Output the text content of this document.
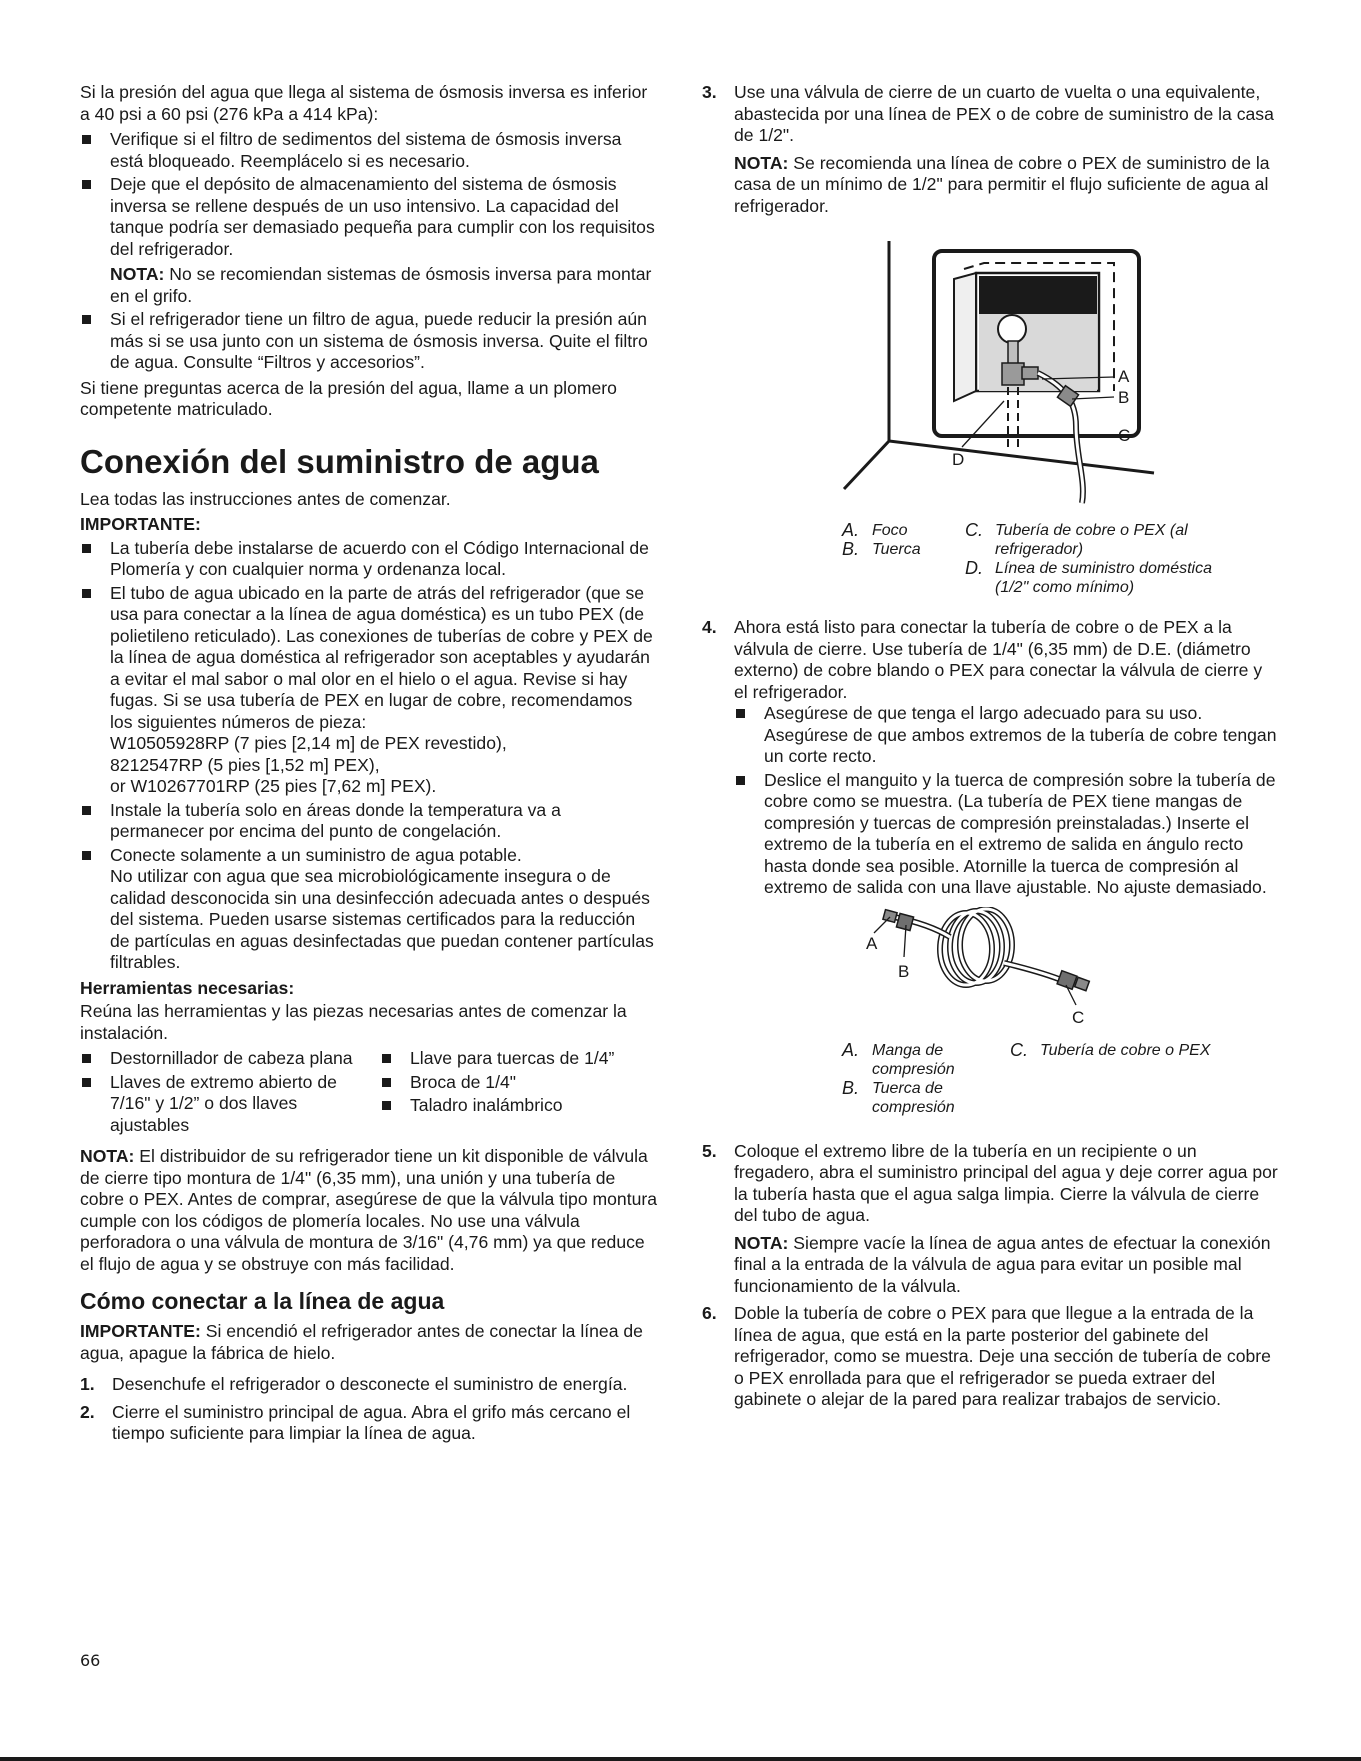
Si la presión del agua que llega al sistema de ósmosis inversa es inferior a 40 psi a 60 psi (276 kPa a 414 kPa):

Verifique si el filtro de sedimentos del sistema de ósmosis inversa está bloqueado. Reemplácelo si es necesario.
Deje que el depósito de almacenamiento del sistema de ósmosis inversa se rellene después de un uso intensivo. La capacidad del tanque podría ser demasiado pequeña para cumplir con los requisitos del refrigerador.

NOTA: No se recomiendan sistemas de ósmosis inversa para montar en el grifo.

Si el refrigerador tiene un filtro de agua, puede reducir la presión aún más si se usa junto con un sistema de ósmosis inversa. Quite el filtro de agua. Consulte “Filtros y accesorios”.

Si tiene preguntas acerca de la presión del agua, llame a un plomero competente matriculado.

Conexión del suministro de agua

Lea todas las instrucciones antes de comenzar.

IMPORTANTE:

La tubería debe instalarse de acuerdo con el Código Internacional de Plomería y con cualquier norma y ordenanza local.
El tubo de agua ubicado en la parte de atrás del refrigerador (que se usa para conectar a la línea de agua doméstica) es un tubo PEX (de polietileno reticulado). Las conexiones de tuberías de cobre y PEX de la línea de agua doméstica al refrigerador son aceptables y ayudarán a evitar el mal sabor o mal olor en el hielo o el agua. Revise si hay fugas. Si se usa tubería de PEX en lugar de cobre, recomendamos los siguientes números de pieza:
W10505928RP (7 pies [2,14 m] de PEX revestido),
8212547RP (5 pies [1,52 m] PEX),
or W10267701RP (25 pies [7,62 m] PEX).
Instale la tubería solo en áreas donde la temperatura va a permanecer por encima del punto de congelación.
Conecte solamente a un suministro de agua potable.
No utilizar con agua que sea microbiológicamente insegura o de calidad desconocida sin una desinfección adecuada antes o después del sistema. Pueden usarse sistemas certificados para la reducción de partículas en aguas desinfectadas que puedan contener partículas filtrables.

Herramientas necesarias:

Reúna las herramientas y las piezas necesarias antes de comenzar la instalación.

Destornillador de cabeza plana
Llaves de extremo abierto de 7/16" y 1/2” o dos llaves ajustables
Llave para tuercas de 1/4”
Broca de 1/4"
Taladro inalámbrico

NOTA: El distribuidor de su refrigerador tiene un kit disponible de válvula de cierre tipo montura de 1/4" (6,35 mm), una unión y una tubería de cobre o PEX. Antes de comprar, asegúrese de que la válvula tipo montura cumple con los códigos de plomería locales. No use una válvula perforadora o una válvula de montura de 3/16" (4,76 mm) ya que reduce el flujo de agua y se obstruye con más facilidad.

Cómo conectar a la línea de agua

IMPORTANTE: Si encendió el refrigerador antes de conectar la línea de agua, apague la fábrica de hielo.

1. Desenchufe el refrigerador o desconecte el suministro de energía.
2. Cierre el suministro principal de agua. Abra el grifo más cercano el tiempo suficiente para limpiar la línea de agua.
3. Use una válvula de cierre de un cuarto de vuelta o una equivalente, abastecida por una línea de PEX o de cobre de suministro de la casa de 1/2".

NOTA: Se recomienda una línea de cobre o PEX de suministro de la casa de un mínimo de 1/2" para permitir el flujo suficiente de agua al refrigerador.

A
B
C
D
A. Foco
B. Tuerca
C. Tubería de cobre o PEX (al refrigerador)
D. Línea de suministro doméstica (1/2" como mínimo)
4. Ahora está listo para conectar la tubería de cobre o de PEX a la válvula de cierre. Use tubería de 1/4" (6,35 mm) de D.E. (diámetro externo) de cobre blando o PEX para conectar la válvula de cierre y el refrigerador.
Asegúrese de que tenga el largo adecuado para su uso. Asegúrese de que ambos extremos de la tubería de cobre tengan un corte recto.
Deslice el manguito y la tuerca de compresión sobre la tubería de cobre como se muestra. (La tubería de PEX tiene mangas de compresión y tuercas de compresión preinstaladas.) Inserte el extremo de la tubería en el extremo de salida en ángulo recto hasta donde sea posible. Atornille la tuerca de compresión al extremo de salida con una llave ajustable. No ajuste demasiado.
A
B
C
A. Manga de compresión
B. Tuerca de compresión
C. Tubería de cobre o PEX
5. Coloque el extremo libre de la tubería en un recipiente o un fregadero, abra el suministro principal del agua y deje correr agua por la tubería hasta que el agua salga limpia. Cierre la válvula de cierre del tubo de agua.

NOTA: Siempre vacíe la línea de agua antes de efectuar la conexión final a la entrada de la válvula de agua para evitar un posible mal funcionamiento de la válvula.

6. Doble la tubería de cobre o PEX para que llegue a la entrada de la línea de agua, que está en la parte posterior del gabinete del refrigerador, como se muestra. Deje una sección de tubería de cobre o PEX enrollada para que el refrigerador se pueda extraer del gabinete o alejar de la pared para realizar trabajos de servicio.
66
